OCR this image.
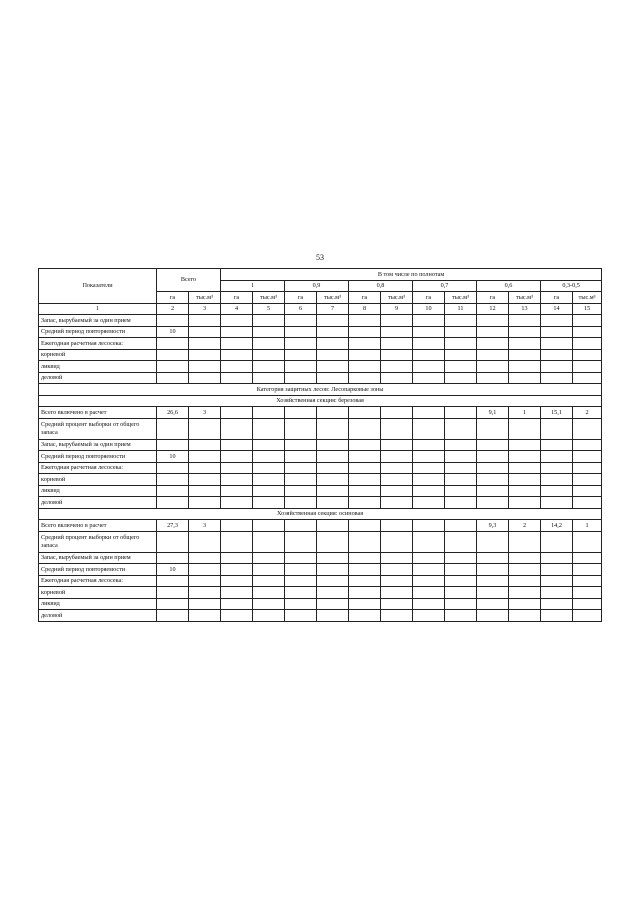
53
Показатели	Всего		В том числе по полнотам											
			1		0,9		0,8		0,7		0,6		0,3-0,5	
	га	тыс.м³	га	тыс.м³	га	тыс.м³	га	тыс.м³	га	тыс.м³	га	тыс.м³	га	тыс.м³
1	2	3	4	5	6	7	8	9	10	11	12	13	14	15
Запас, вырубаемый за один прием														
Средний период повторяемости	10													
Ежегодная расчетная лесосека:														
корневой														
ликвид														
деловой														
Категория защитных лесов: Лесопарковые зоны														
Хозяйственная секция: березовая														
Всего включено в расчет	26,6	3									9,1	1	15,1	2
Средний процент выборки от общего запаса														
Запас, вырубаемый за один прием														
Средний период повторяемости	10													
Ежегодная расчетная лесосека:														
корневой														
ликвид														
деловой														
Хозяйственная секция: осиновая														
Всего включено в расчет	27,3	3									9,3	2	14,2	1
Средний процент выборки от общего запаса														
Запас, вырубаемый за один прием														
Средний период повторяемости	10													
Ежегодная расчетная лесосека:														
корневой														
ликвид														
деловой														
